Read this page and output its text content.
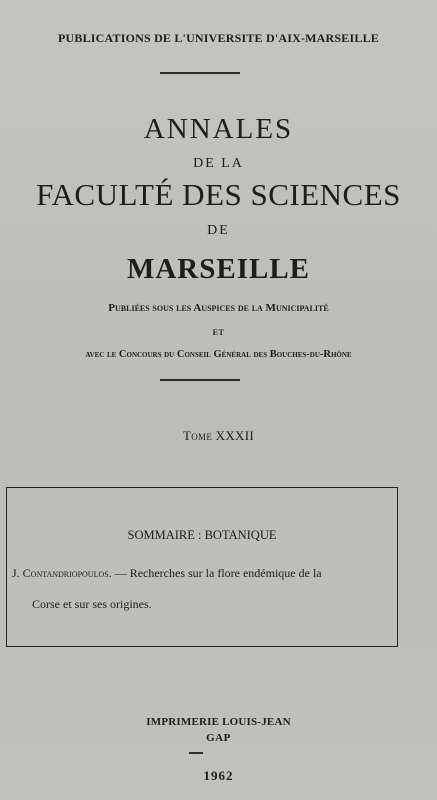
PUBLICATIONS DE L'UNIVERSITE D'AIX-MARSEILLE
ANNALES
DE LA
FACULTÉ DES SCIENCES
DE
MARSEILLE
Publiées sous les Auspices de la Municipalité
ET
avec le Concours du Conseil Général des Bouches-du-Rhône
Tome XXXII
SOMMAIRE : BOTANIQUE
J. Contandriopoulos. — Recherches sur la flore endémique de la
Corse et sur ses origines.
IMPRIMERIE LOUIS-JEAN
GAP
1962
